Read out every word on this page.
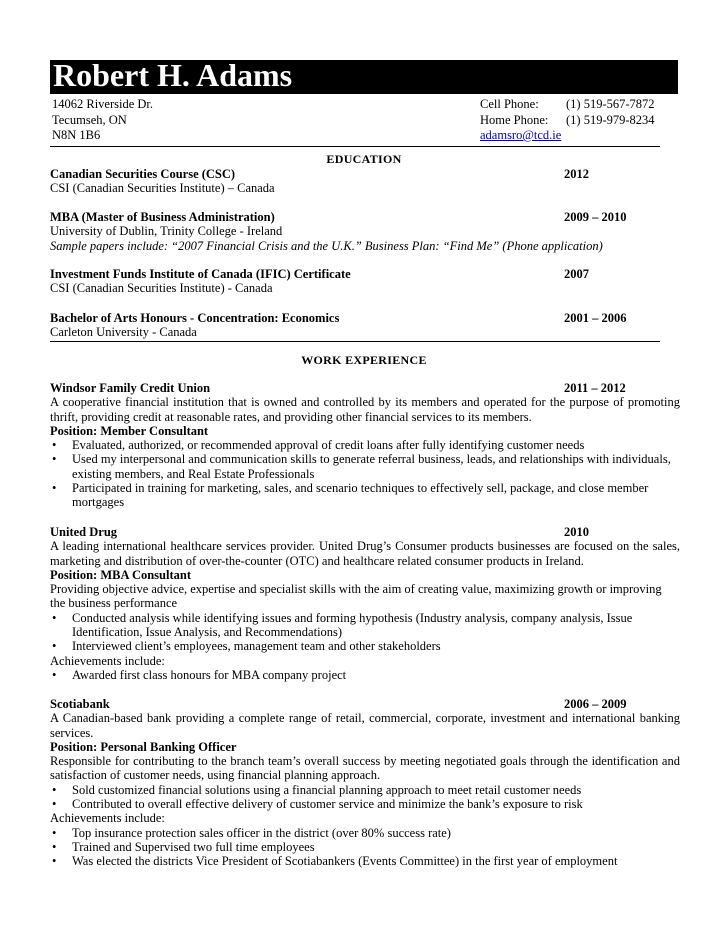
Robert H. Adams
14062 Riverside Dr.
Tecumseh, ON
N8N 1B6
Cell Phone: (1) 519-567-7872
Home Phone: (1) 519-979-8234
adamsro@tcd.ie
EDUCATION
Canadian Securities Course (CSC)	2012
CSI (Canadian Securities Institute) – Canada
MBA (Master of Business Administration)	2009 – 2010
University of Dublin, Trinity College - Ireland
Sample papers include: “2007 Financial Crisis and the U.K.” Business Plan: “Find Me” (Phone application)
Investment Funds Institute of Canada (IFIC) Certificate	2007
CSI (Canadian Securities Institute) - Canada
Bachelor of Arts Honours - Concentration: Economics	2001 – 2006
Carleton University - Canada
WORK EXPERIENCE
Windsor Family Credit Union	2011 – 2012
A cooperative financial institution that is owned and controlled by its members and operated for the purpose of promoting thrift, providing credit at reasonable rates, and providing other financial services to its members.
Position: Member Consultant
• Evaluated, authorized, or recommended approval of credit loans after fully identifying customer needs
• Used my interpersonal and communication skills to generate referral business, leads, and relationships with individuals, existing members, and Real Estate Professionals
• Participated in training for marketing, sales, and scenario techniques to effectively sell, package, and close member mortgages
United Drug	2010
A leading international healthcare services provider. United Drug’s Consumer products businesses are focused on the sales, marketing and distribution of over-the-counter (OTC) and healthcare related consumer products in Ireland.
Position: MBA Consultant
Providing objective advice, expertise and specialist skills with the aim of creating value, maximizing growth or improving the business performance
• Conducted analysis while identifying issues and forming hypothesis (Industry analysis, company analysis, Issue Identification, Issue Analysis, and Recommendations)
• Interviewed client’s employees, management team and other stakeholders
Achievements include:
• Awarded first class honours for MBA company project
Scotiabank	2006 – 2009
A Canadian-based bank providing a complete range of retail, commercial, corporate, investment and international banking services.
Position: Personal Banking Officer
Responsible for contributing to the branch team’s overall success by meeting negotiated goals through the identification and satisfaction of customer needs, using financial planning approach.
• Sold customized financial solutions using a financial planning approach to meet retail customer needs
• Contributed to overall effective delivery of customer service and minimize the bank’s exposure to risk
Achievements include:
• Top insurance protection sales officer in the district (over 80% success rate)
• Trained and Supervised two full time employees
• Was elected the districts Vice President of Scotiabankers (Events Committee) in the first year of employment
